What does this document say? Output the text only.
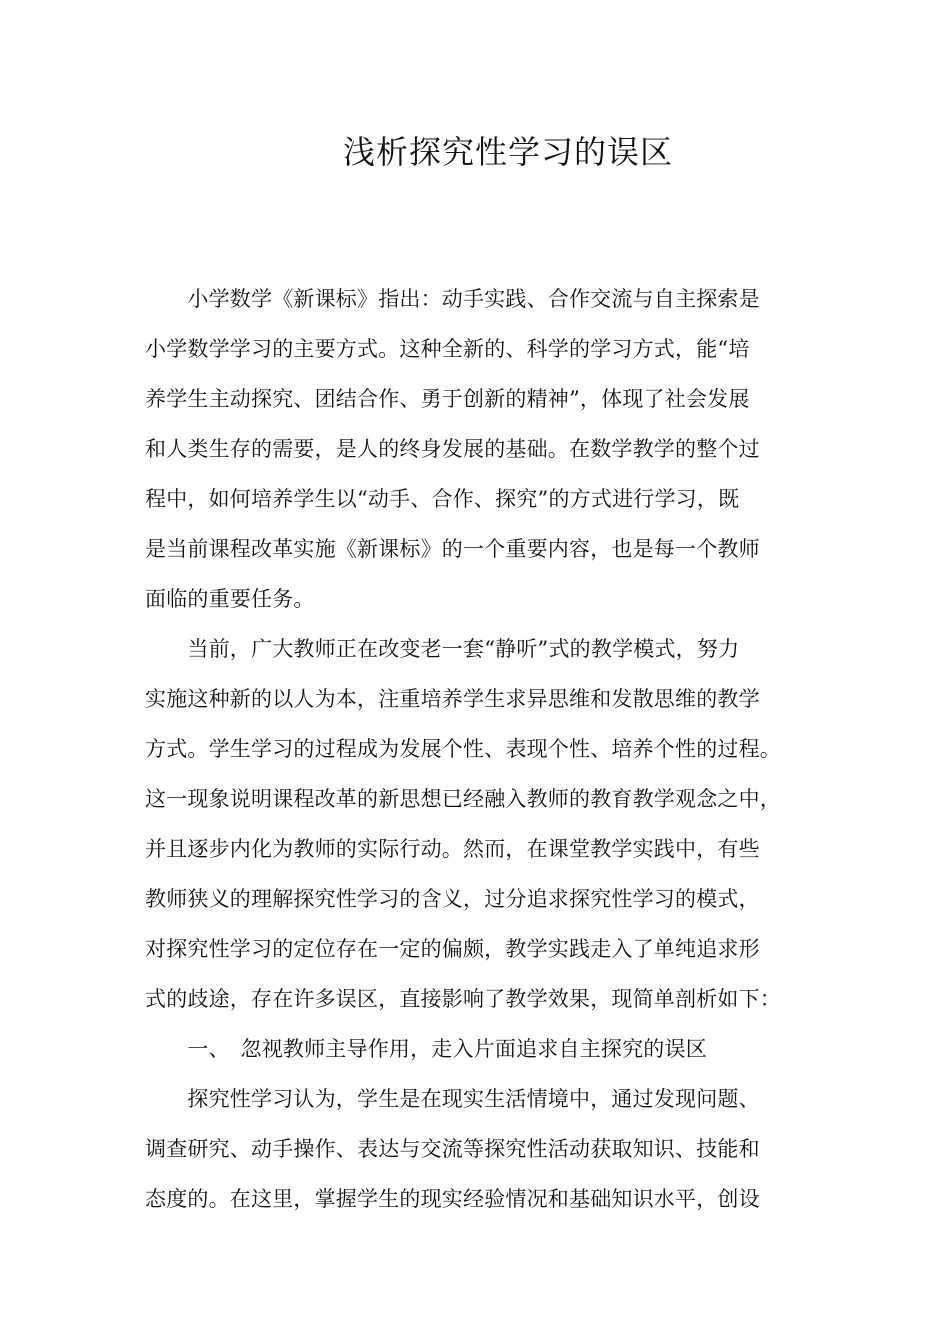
浅析探究性学习的误区
　　小学数学《新课标》指出：动手实践、合作交流与自主探索是
小学数学学习的主要方式。这种全新的、科学的学习方式，能“培
养学生主动探究、团结合作、勇于创新的精神”，体现了社会发展
和人类生存的需要，是人的终身发展的基础。在数学教学的整个过
程中，如何培养学生以“动手、合作、探究”的方式进行学习，既
是当前课程改革实施《新课标》的一个重要内容，也是每一个教师
面临的重要任务。
　　当前，广大教师正在改变老一套“静听”式的教学模式，努力
实施这种新的以人为本，注重培养学生求异思维和发散思维的教学
方式。学生学习的过程成为发展个性、表现个性、培养个性的过程。
这一现象说明课程改革的新思想已经融入教师的教育教学观念之中，
并且逐步内化为教师的实际行动。然而，在课堂教学实践中，有些
教师狭义的理解探究性学习的含义，过分追求探究性学习的模式，
对探究性学习的定位存在一定的偏颇，教学实践走入了单纯追求形
式的歧途，存在许多误区，直接影响了教学效果，现简单剖析如下：
　　一、　忽视教师主导作用，走入片面追求自主探究的误区
　　探究性学习认为，学生是在现实生活情境中，通过发现问题、
调查研究、动手操作、表达与交流等探究性活动获取知识、技能和
态度的。在这里，掌握学生的现实经验情况和基础知识水平，创设
